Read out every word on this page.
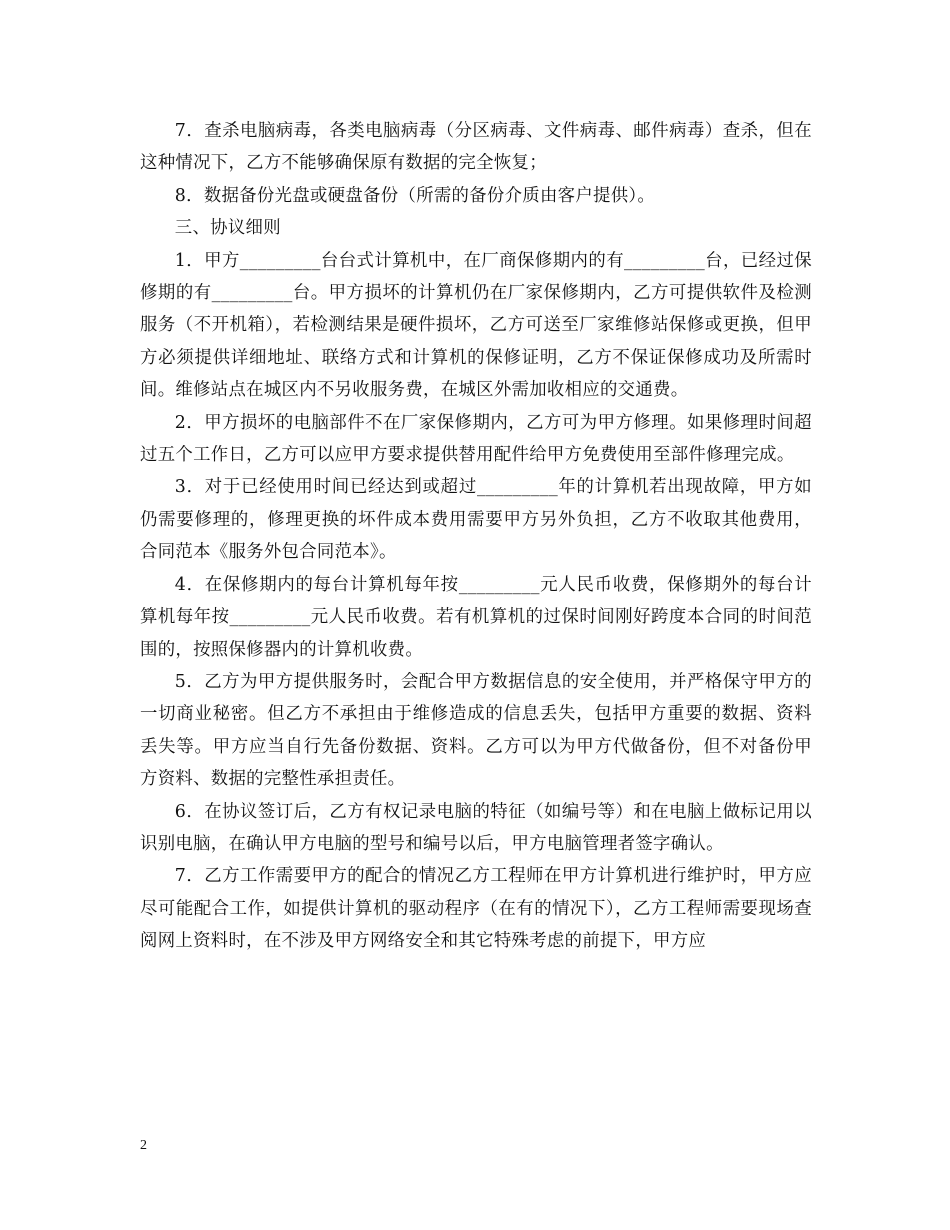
7．查杀电脑病毒，各类电脑病毒（分区病毒、文件病毒、邮件病毒）查杀，但在这种情况下，乙方不能够确保原有数据的完全恢复；

8．数据备份光盘或硬盘备份（所需的备份介质由客户提供）。

三、协议细则

1．甲方_________台台式计算机中，在厂商保修期内的有_________台，已经过保修期的有_________台。甲方损坏的计算机仍在厂家保修期内，乙方可提供软件及检测服务（不开机箱），若检测结果是硬件损坏，乙方可送至厂家维修站保修或更换，但甲方必须提供详细地址、联络方式和计算机的保修证明，乙方不保证保修成功及所需时间。维修站点在城区内不另收服务费，在城区外需加收相应的交通费。

2．甲方损坏的电脑部件不在厂家保修期内，乙方可为甲方修理。如果修理时间超过五个工作日，乙方可以应甲方要求提供替用配件给甲方免费使用至部件修理完成。

3．对于已经使用时间已经达到或超过_________年的计算机若出现故障，甲方如仍需要修理的，修理更换的坏件成本费用需要甲方另外负担，乙方不收取其他费用，合同范本《服务外包合同范本》。

4．在保修期内的每台计算机每年按_________元人民币收费，保修期外的每台计算机每年按_________元人民币收费。若有机算机的过保时间刚好跨度本合同的时间范围的，按照保修器内的计算机收费。

5．乙方为甲方提供服务时，会配合甲方数据信息的安全使用，并严格保守甲方的一切商业秘密。但乙方不承担由于维修造成的信息丢失，包括甲方重要的数据、资料丢失等。甲方应当自行先备份数据、资料。乙方可以为甲方代做备份，但不对备份甲方资料、数据的完整性承担责任。

6．在协议签订后，乙方有权记录电脑的特征（如编号等）和在电脑上做标记用以识别电脑，在确认甲方电脑的型号和编号以后，甲方电脑管理者签字确认。

7．乙方工作需要甲方的配合的情况乙方工程师在甲方计算机进行维护时，甲方应尽可能配合工作，如提供计算机的驱动程序（在有的情况下），乙方工程师需要现场查阅网上资料时，在不涉及甲方网络安全和其它特殊考虑的前提下，甲方应

2
